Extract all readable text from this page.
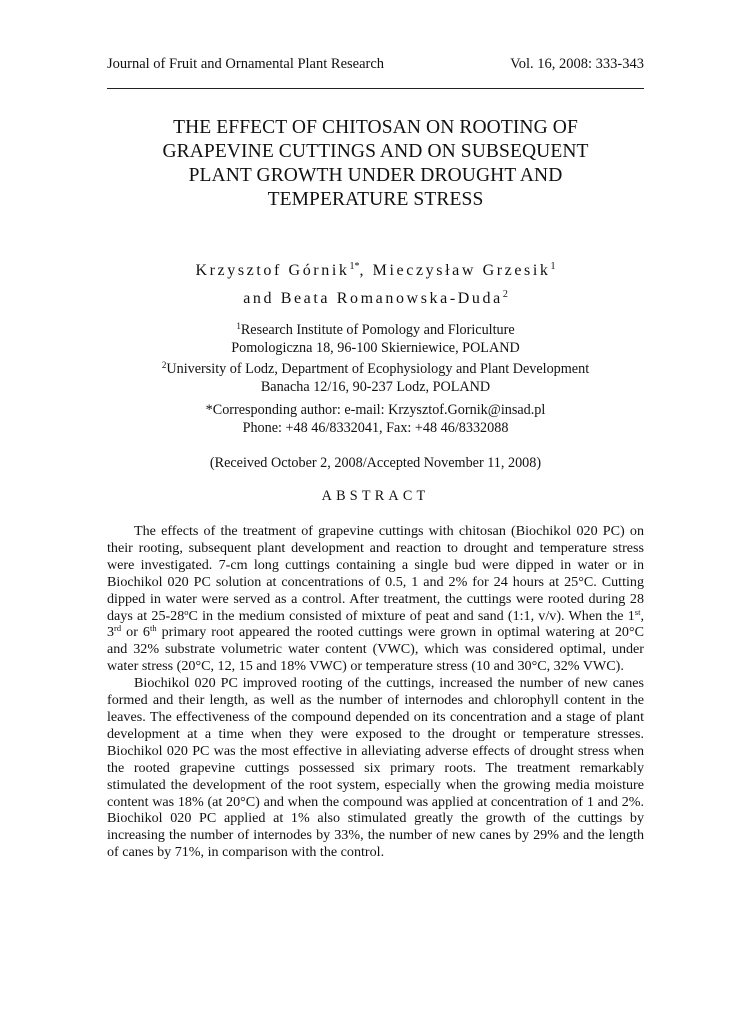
Journal of Fruit and Ornamental Plant Research	Vol. 16, 2008: 333-343
THE EFFECT OF CHITOSAN ON ROOTING OF
GRAPEVINE CUTTINGS AND ON SUBSEQUENT
PLANT GROWTH UNDER DROUGHT AND
TEMPERATURE STRESS
Krzysztof Górnik$^{1*}$, Mieczysław Grzesik$^1$
and Beata Romanowska-Duda$^2$
$^1$Research Institute of Pomology and Floriculture
Pomologiczna 18, 96-100 Skierniewice, POLAND
$^2$University of Lodz, Department of Ecophysiology and Plant Development
Banacha 12/16, 90-237 Lodz, POLAND
*Corresponding author: e-mail: Krzysztof.Gornik@insad.pl
Phone: +48 46/8332041, Fax: +48 46/8332088
(Received October 2, 2008/Accepted November 11, 2008)
ABSTRACT

The effects of the treatment of grapevine cuttings with chitosan (Biochikol 020 PC) on their rooting, subsequent plant development and reaction to drought and temperature stress were investigated. 7-cm long cuttings containing a single bud were dipped in water or in Biochikol 020 PC solution at concentrations of 0.5, 1 and 2% for 24 hours at 25°C. Cutting dipped in water were served as a control. After treatment, the cuttings were rooted during 28 days at 25-28$^o$C in the medium consisted of mixture of peat and sand (1:1, v/v). When the 1st, 3rd or 6th primary root appeared the rooted cuttings were grown in optimal watering at 20°C and 32% substrate volumetric water content (VWC), which was considered optimal, under water stress (20°C, 12, 15 and 18% VWC) or temperature stress (10 and 30°C, 32% VWC).

Biochikol 020 PC improved rooting of the cuttings, increased the number of new canes formed and their length, as well as the number of internodes and chlorophyll content in the leaves. The effectiveness of the compound depended on its concentration and a stage of plant development at a time when they were exposed to the drought or temperature stresses. Biochikol 020 PC was the most effective in alleviating adverse effects of drought stress when the rooted grapevine cuttings possessed six primary roots. The treatment remarkably stimulated the development of the root system, especially when the growing media moisture content was 18% (at 20°C) and when the compound was applied at concentration of 1 and 2%. Biochikol 020 PC applied at 1% also stimulated greatly the growth of the cuttings by increasing the number of internodes by 33%, the number of new canes by 29% and the length of canes by 71%, in comparison with the control.
